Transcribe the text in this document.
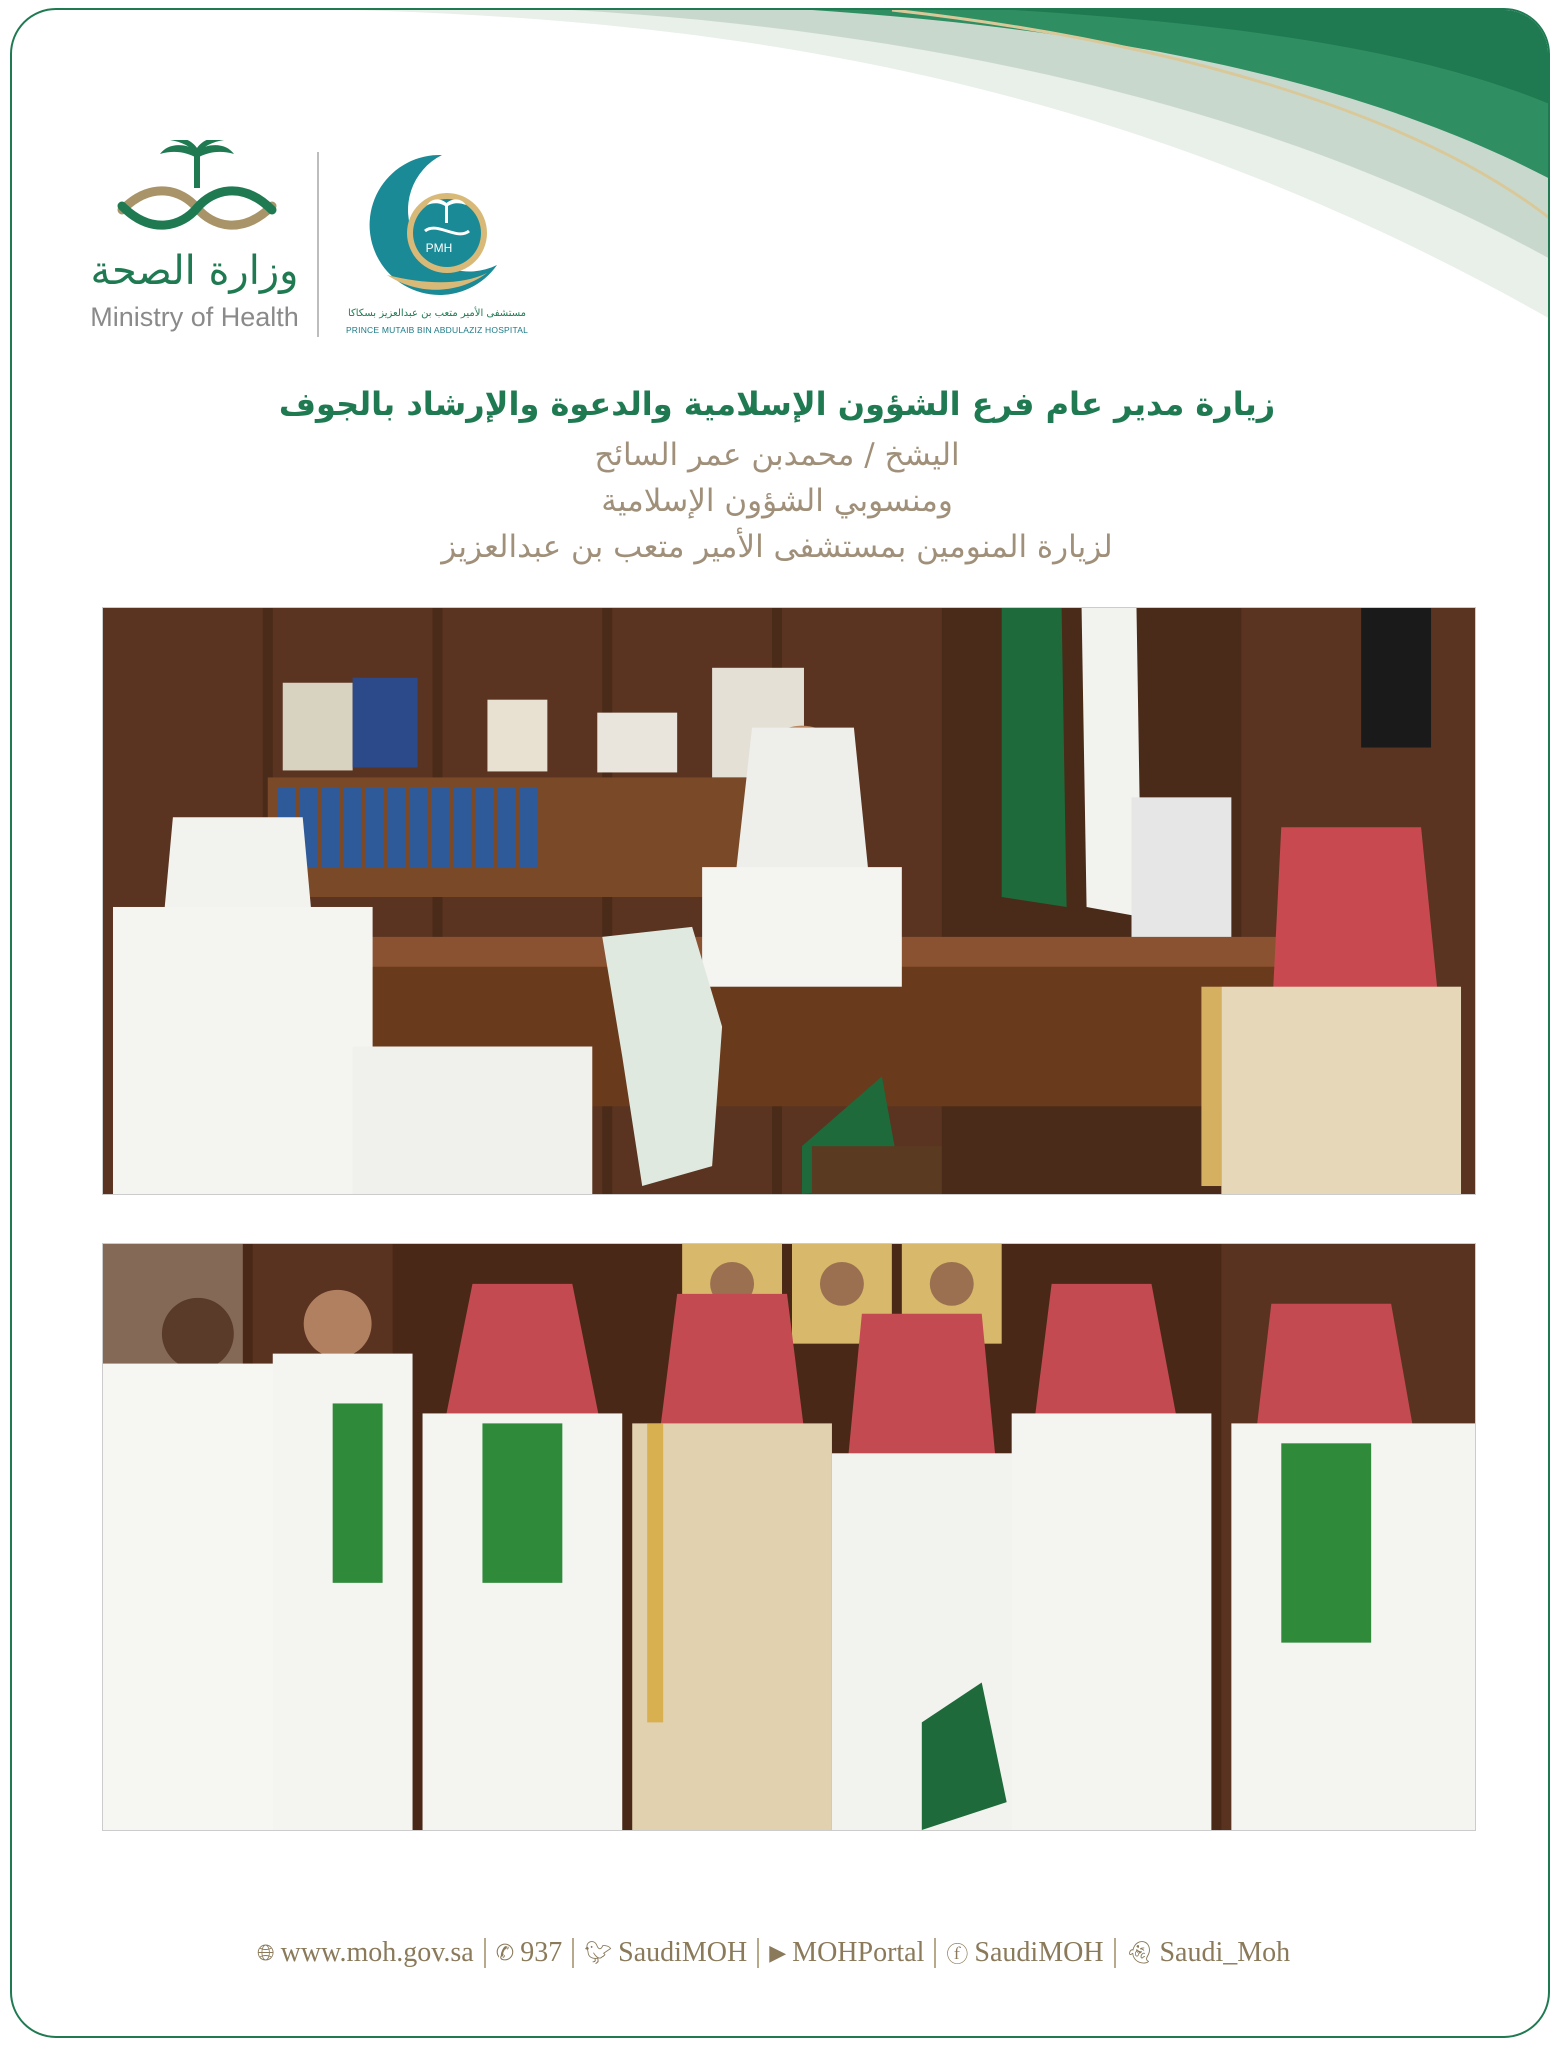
وزارة الصحة
Ministry of Health
PMH
مستشفى الأمير متعب بن عبدالعزيز بسكاكا
PRINCE MUTAIB BIN ABDULAZIZ HOSPITAL
زيارة مدير عام فرع الشؤون الإسلامية والدعوة والإرشاد بالجوف
اليشخ / محمدبن عمر السائح
ومنسوبي الشؤون الإسلامية
لزيارة المنومين بمستشفى الأمير متعب بن عبدالعزيز
🌐︎ www.moh.gov.sa ✆ 937 🐦︎ SaudiMOH ▶ MOHPortal ⓕ SaudiMOH 👻︎ Saudi_Moh
